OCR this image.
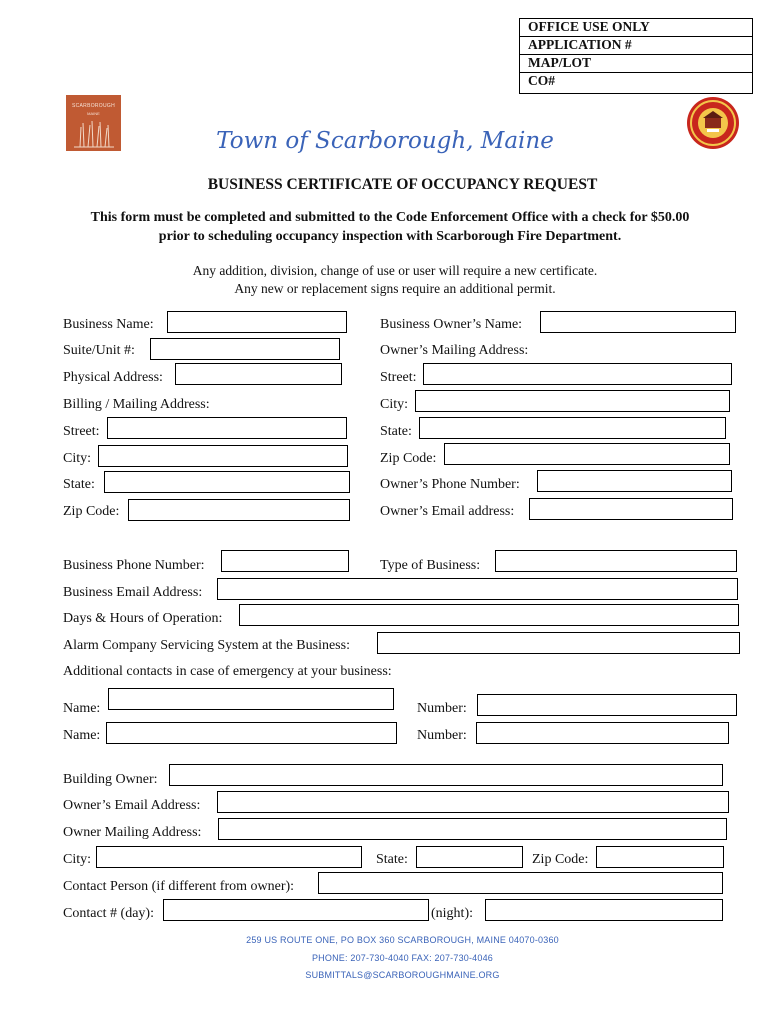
OFFICE USE ONLY
APPLICATION #
MAP/LOT
CO#
SCARBOROUGH
MAINE
Town of Scarborough, Maine
BUSINESS CERTIFICATE OF OCCUPANCY REQUEST
This form must be completed and submitted to the Code Enforcement Office with a check for $50.00
prior to scheduling occupancy inspection with Scarborough Fire Department.
Any addition, division, change of use or user will require a new certificate.
Any new or replacement signs require an additional permit.
Business Name:
Suite/Unit #:
Physical Address:
Billing / Mailing Address:
Street:
City:
State:
Zip Code:
Business Owner’s Name:
Owner’s Mailing Address:
Street:
City:
State:
Zip Code:
Owner’s Phone Number:
Owner’s Email address:
Business Phone Number:	Type of Business:
Business Email Address:
Days & Hours of Operation:
Alarm Company Servicing System at the Business:
Additional contacts in case of emergency at your business:
Name:	Number:
Name:	Number:
Building Owner:
Owner’s Email Address:
Owner Mailing Address:
City:	State:	Zip Code:
Contact Person (if different from owner):
Contact # (day):	(night):
259 US ROUTE ONE, PO BOX 360 SCARBOROUGH, MAINE 04070-0360
PHONE: 207-730-4040 FAX: 207-730-4046
SUBMITTALS@SCARBOROUGHMAINE.ORG
